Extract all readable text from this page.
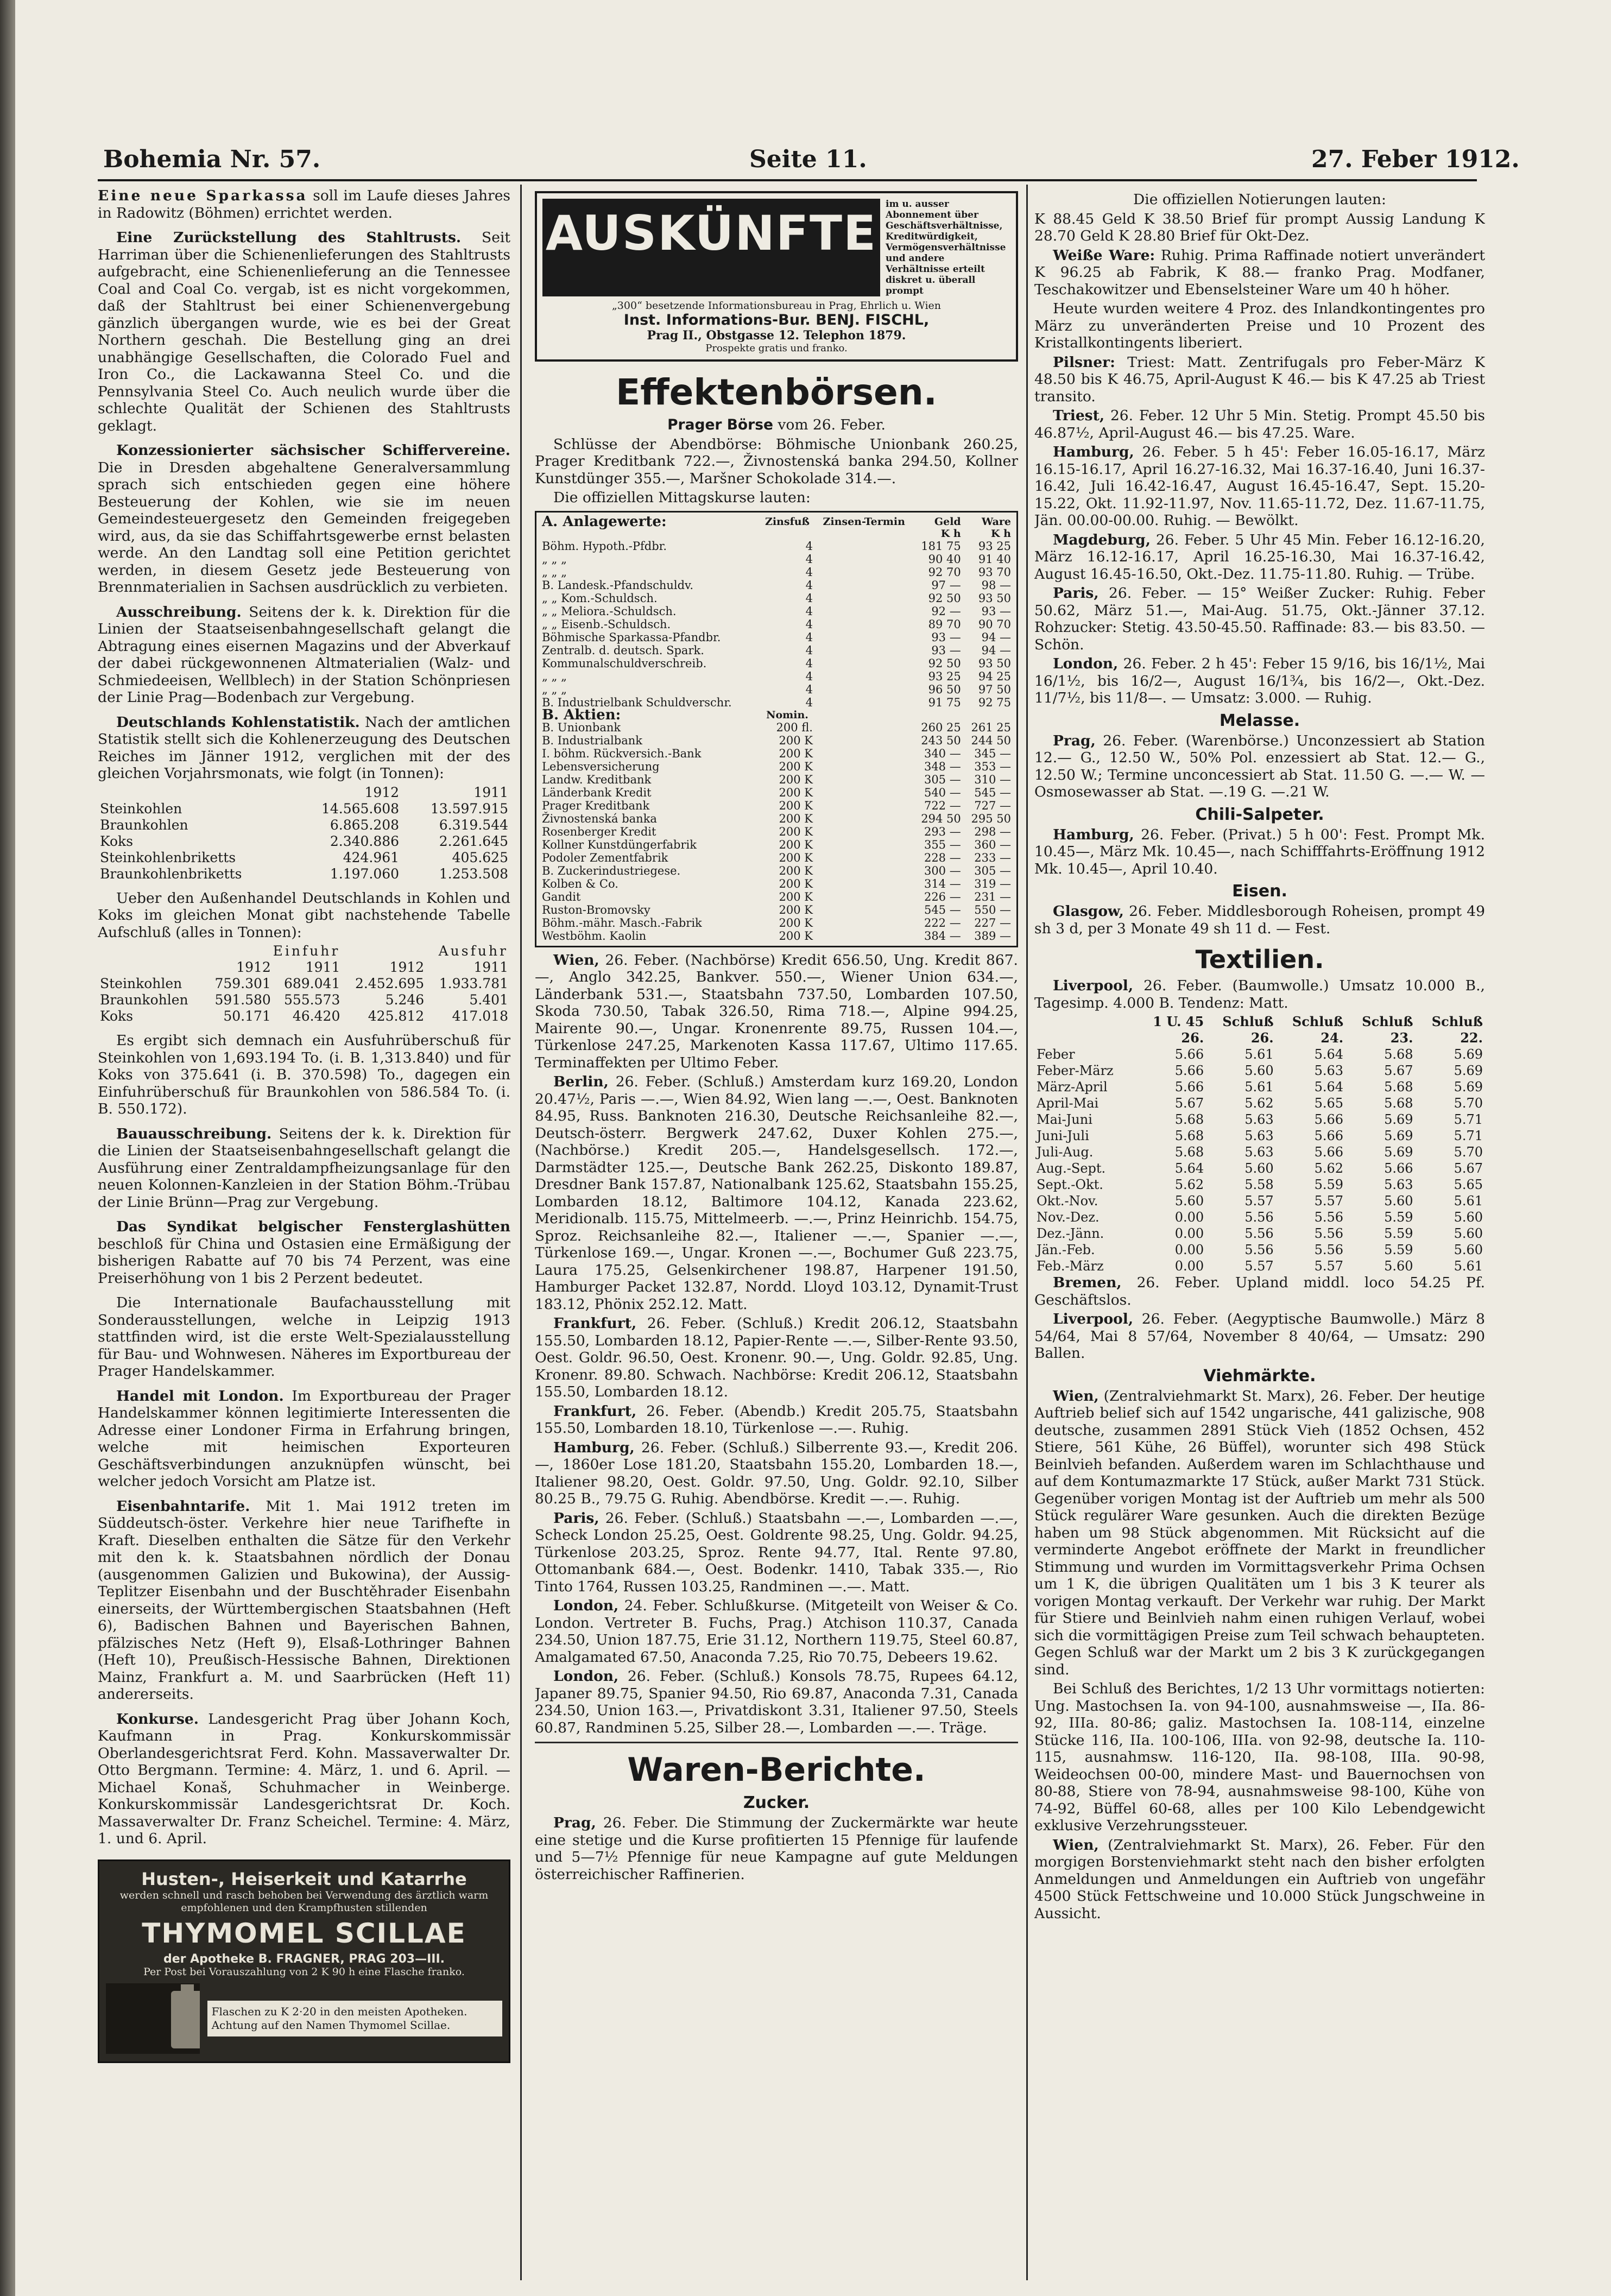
Bohemia Nr. 57.	Seite 11.	27. Feber 1912.

Eine neue Sparkassa soll im Laufe dieses Jahres in Radowitz (Böhmen) errichtet werden.

Eine Zurückstellung des Stahltrusts. Seit Harriman über die Schienenlieferungen des Stahltrusts aufgebracht, eine Schienenlieferung an die Tennessee Coal and Coal Co. vergab, ist es nicht vorgekommen, daß der Stahltrust bei einer Schienenvergebung gänzlich übergangen wurde, wie es bei der Great Northern geschah. Die Bestellung ging an drei unabhängige Gesellschaften, die Colorado Fuel and Iron Co., die Lackawanna Steel Co. und die Pennsylvania Steel Co. Auch neulich wurde über die schlechte Qualität der Schienen des Stahltrusts geklagt.

Konzessionierter sächsischer Schiffervereine. Die in Dresden abgehaltene Generalversammlung sprach sich entschieden gegen eine höhere Besteuerung der Kohlen, wie sie im neuen Gemeindesteuergesetz den Gemeinden freigegeben wird, aus, da sie das Schiffahrtsgewerbe ernst belasten werde. An den Landtag soll eine Petition gerichtet werden, in diesem Gesetz jede Besteuerung von Brennmaterialien in Sachsen ausdrücklich zu verbieten.

Ausschreibung. Seitens der k. k. Direktion für die Linien der Staatseisenbahngesellschaft gelangt die Abtragung eines eisernen Magazins und der Abverkauf der dabei rückgewonnenen Altmaterialien (Walz- und Schmiedeeisen, Wellblech) in der Station Schönpriesen der Linie Prag—Bodenbach zur Vergebung.

Deutschlands Kohlenstatistik. Nach der amtlichen Statistik stellt sich die Kohlenerzeugung des Deutschen Reiches im Jänner 1912, verglichen mit der des gleichen Vorjahrsmonats, wie folgt (in Tonnen):

	1912	1911
Steinkohlen	14.565.608	13.597.915
Braunkohlen	6.865.208	6.319.544
Koks	2.340.886	2.261.645
Steinkohlenbriketts	424.961	405.625
Braunkohlenbriketts	1.197.060	1.253.508

Ueber den Außenhandel Deutschlands in Kohlen und Koks im gleichen Monat gibt nachstehende Tabelle Aufschluß (alles in Tonnen):

	Einfuhr		Ausfuhr	
	1912	1911	1912	1911
Steinkohlen	759.301	689.041	2.452.695	1.933.781
Braunkohlen	591.580	555.573	5.246	5.401
Koks	50.171	46.420	425.812	417.018

Es ergibt sich demnach ein Ausfuhrüberschuß für Steinkohlen von 1,693.194 To. (i. B. 1,313.840) und für Koks von 375.641 (i. B. 370.598) To., dagegen ein Einfuhrüberschuß für Braunkohlen von 586.584 To. (i. B. 550.172).

Bauausschreibung. Seitens der k. k. Direktion für die Linien der Staatseisenbahngesellschaft gelangt die Ausführung einer Zentraldampfheizungsanlage für den neuen Kolonnen-Kanzleien in der Station Böhm.-Trübau der Linie Brünn—Prag zur Vergebung.

Das Syndikat belgischer Fensterglashütten beschloß für China und Ostasien eine Ermäßigung der bisherigen Rabatte auf 70 bis 74 Perzent, was eine Preiserhöhung von 1 bis 2 Perzent bedeutet.

Die Internationale Baufachausstellung mit Sonderausstellungen, welche in Leipzig 1913 stattfinden wird, ist die erste Welt-Spezialausstellung für Bau- und Wohnwesen. Näheres im Exportbureau der Prager Handelskammer.

Handel mit London. Im Exportbureau der Prager Handelskammer können legitimierte Interessenten die Adresse einer Londoner Firma in Erfahrung bringen, welche mit heimischen Exporteuren Geschäftsverbindungen anzuknüpfen wünscht, bei welcher jedoch Vorsicht am Platze ist.

Eisenbahntarife. Mit 1. Mai 1912 treten im Süddeutsch-öster. Verkehre hier neue Tarifhefte in Kraft. Dieselben enthalten die Sätze für den Verkehr mit den k. k. Staatsbahnen nördlich der Donau (ausgenommen Galizien und Bukowina), der Aussig-Teplitzer Eisenbahn und der Buschtěhrader Eisenbahn einerseits, der Württembergischen Staatsbahnen (Heft 6), Badischen Bahnen und Bayerischen Bahnen, pfälzisches Netz (Heft 9), Elsaß-Lothringer Bahnen (Heft 10), Preußisch-Hessische Bahnen, Direktionen Mainz, Frankfurt a. M. und Saarbrücken (Heft 11) andererseits.

Konkurse. Landesgericht Prag über Johann Koch, Kaufmann in Prag. Konkurskommissär Oberlandesgerichtsrat Ferd. Kohn. Massaverwalter Dr. Otto Bergmann. Termine: 4. März, 1. und 6. April. — Michael Konaš, Schuhmacher in Weinberge. Konkurskommissär Landesgerichtsrat Dr. Koch. Massaverwalter Dr. Franz Scheichel. Termine: 4. März, 1. und 6. April.

Husten-, Heiserkeit und Katarrhe
werden schnell und rasch behoben bei Verwendung des ärztlich warm empfohlenen und den Krampfhusten stillenden
THYMOMEL SCILLAE
der Apotheke B. FRAGNER, PRAG 203—III.
Per Post bei Vorauszahlung von 2 K 90 h eine Flasche franko.
Flaschen zu K 2·20 in den meisten Apotheken. Achtung auf den Namen Thymomel Scillae.
AUSKÜNFTE
im u. ausser Abonnement über Geschäftsverhältnisse, Kreditwürdigkeit, Vermögensverhältnisse und andere Verhältnisse erteilt diskret u. überall prompt
„300“ besetzende Informationsbureau in Prag, Ehrlich u. Wien
Inst. Informations-Bur. BENJ. FISCHL,
Prag II., Obstgasse 12. Telephon 1879.
Prospekte gratis und franko.
Effektenbörsen.

Prager Börse vom 26. Feber.

Schlüsse der Abendbörse: Böhmische Unionbank 260.25, Prager Kreditbank 722.—, Živnostenská banka 294.50, Kollner Kunstdünger 355.—, Maršner Schokolade 314.—.

Die offiziellen Mittagskurse lauten:

A. Anlagewerte:	Zinsfuß	Zinsen-Termin	Geld	Ware
			K h	K h
Böhm. Hypoth.-Pfdbr.	4		181 75	93 25
„ „ „	4		90 40	91 40
„ „ „	4		92 70	93 70
B. Landesk.-Pfandschuldv.	4		97 —	98 —
„ „ Kom.-Schuldsch.	4		92 50	93 50
„ „ Meliora.-Schuldsch.	4		92 —	93 —
„ „ Eisenb.-Schuldsch.	4		89 70	90 70
Böhmische Sparkassa-Pfandbr.	4		93 —	94 —
Zentralb. d. deutsch. Spark.	4		93 —	94 —
Kommunalschuldverschreib.	4		92 50	93 50
„ „ „	4		93 25	94 25
„ „ „	4		96 50	97 50
B. Industrielbank Schuldverschr.	4		91 75	92 75
B. Aktien:	Nomin.			
B. Unionbank	200 fl.		260 25	261 25
B. Industrialbank	200 K		243 50	244 50
I. böhm. Rückversich.-Bank	200 K		340 —	345 —
Lebensversicherung	200 K		348 —	353 —
Landw. Kreditbank	200 K		305 —	310 —
Länderbank Kredit	200 K		540 —	545 —
Prager Kreditbank	200 K		722 —	727 —
Živnostenská banka	200 K		294 50	295 50
Rosenberger Kredit	200 K		293 —	298 —
Kollner Kunstdüngerfabrik	200 K		355 —	360 —
Podoler Zementfabrik	200 K		228 —	233 —
B. Zuckerindustriegese.	200 K		300 —	305 —
Kolben & Co.	200 K		314 —	319 —
Gandit	200 K		226 —	231 —
Ruston-Bromovsky	200 K		545 —	550 —
Böhm.-mähr. Masch.-Fabrik	200 K		222 —	227 —
Westböhm. Kaolin	200 K		384 —	389 —

Wien, 26. Feber. (Nachbörse) Kredit 656.50, Ung. Kredit 867.—, Anglo 342.25, Bankver. 550.—, Wiener Union 634.—, Länderbank 531.—, Staatsbahn 737.50, Lombarden 107.50, Skoda 730.50, Tabak 326.50, Rima 718.—, Alpine 994.25, Mairente 90.—, Ungar. Kronenrente 89.75, Russen 104.—, Türkenlose 247.25, Markenoten Kassa 117.67, Ultimo 117.65. Terminaffekten per Ultimo Feber.

Berlin, 26. Feber. (Schluß.) Amsterdam kurz 169.20, London 20.47½, Paris —.—, Wien 84.92, Wien lang —.—, Oest. Banknoten 84.95, Russ. Banknoten 216.30, Deutsche Reichsanleihe 82.—, Deutsch-österr. Bergwerk 247.62, Duxer Kohlen 275.—, (Nachbörse.) Kredit 205.—, Handelsgesellsch. 172.—, Darmstädter 125.—, Deutsche Bank 262.25, Diskonto 189.87, Dresdner Bank 157.87, Nationalbank 125.62, Staatsbahn 155.25, Lombarden 18.12, Baltimore 104.12, Kanada 223.62, Meridionalb. 115.75, Mittelmeerb. —.—, Prinz Heinrichb. 154.75, Sproz. Reichsanleihe 82.—, Italiener —.—, Spanier —.—, Türkenlose 169.—, Ungar. Kronen —.—, Bochumer Guß 223.75, Laura 175.25, Gelsenkirchener 198.87, Harpener 191.50, Hamburger Packet 132.87, Nordd. Lloyd 103.12, Dynamit-Trust 183.12, Phönix 252.12. Matt.

Frankfurt, 26. Feber. (Schluß.) Kredit 206.12, Staatsbahn 155.50, Lombarden 18.12, Papier-Rente —.—, Silber-Rente 93.50, Oest. Goldr. 96.50, Oest. Kronenr. 90.—, Ung. Goldr. 92.85, Ung. Kronenr. 89.80. Schwach. Nachbörse: Kredit 206.12, Staatsbahn 155.50, Lombarden 18.12.

Frankfurt, 26. Feber. (Abendb.) Kredit 205.75, Staatsbahn 155.50, Lombarden 18.10, Türkenlose —.—. Ruhig.

Hamburg, 26. Feber. (Schluß.) Silberrente 93.—, Kredit 206.—, 1860er Lose 181.20, Staatsbahn 155.20, Lombarden 18.—, Italiener 98.20, Oest. Goldr. 97.50, Ung. Goldr. 92.10, Silber 80.25 B., 79.75 G. Ruhig. Abendbörse. Kredit —.—. Ruhig.

Paris, 26. Feber. (Schluß.) Staatsbahn —.—, Lombarden —.—, Scheck London 25.25, Oest. Goldrente 98.25, Ung. Goldr. 94.25, Türkenlose 203.25, Sproz. Rente 94.77, Ital. Rente 97.80, Ottomanbank 684.—, Oest. Bodenkr. 1410, Tabak 335.—, Rio Tinto 1764, Russen 103.25, Randminen —.—. Matt.

London, 24. Feber. Schlußkurse. (Mitgeteilt von Weiser & Co. London. Vertreter B. Fuchs, Prag.) Atchison 110.37, Canada 234.50, Union 187.75, Erie 31.12, Northern 119.75, Steel 60.87, Amalgamated 67.50, Anaconda 7.25, Rio 70.75, Debeers 19.62.

London, 26. Feber. (Schluß.) Konsols 78.75, Rupees 64.12, Japaner 89.75, Spanier 94.50, Rio 69.87, Anaconda 7.31, Canada 234.50, Union 163.—, Privatdiskont 3.31, Italiener 97.50, Steels 60.87, Randminen 5.25, Silber 28.—, Lombarden —.—. Träge.

Waren-Berichte.
Zucker.

Prag, 26. Feber. Die Stimmung der Zuckermärkte war heute eine stetige und die Kurse profitierten 15 Pfennige für laufende und 5—7½ Pfennige für neue Kampagne auf gute Meldungen österreichischer Raffinerien.

Die offiziellen Notierungen lauten:

K 88.45 Geld K 38.50 Brief für prompt Aussig Landung K 28.70 Geld K 28.80 Brief für Okt-Dez.

Weiße Ware: Ruhig. Prima Raffinade notiert unverändert K 96.25 ab Fabrik, K 88.— franko Prag. Modfaner, Teschakowitzer und Ebenselsteiner Ware um 40 h höher.

Heute wurden weitere 4 Proz. des Inlandkontingentes pro März zu unveränderten Preise und 10 Prozent des Kristallkontingents liberiert.

Pilsner: Triest: Matt. Zentrifugals pro Feber-März K 48.50 bis K 46.75, April-August K 46.— bis K 47.25 ab Triest transito.

Triest, 26. Feber. 12 Uhr 5 Min. Stetig. Prompt 45.50 bis 46.87½, April-August 46.— bis 47.25. Ware.

Hamburg, 26. Feber. 5 h 45': Feber 16.05-16.17, März 16.15-16.17, April 16.27-16.32, Mai 16.37-16.40, Juni 16.37-16.42, Juli 16.42-16.47, August 16.45-16.47, Sept. 15.20-15.22, Okt. 11.92-11.97, Nov. 11.65-11.72, Dez. 11.67-11.75, Jän. 00.00-00.00. Ruhig. — Bewölkt.

Magdeburg, 26. Feber. 5 Uhr 45 Min. Feber 16.12-16.20, März 16.12-16.17, April 16.25-16.30, Mai 16.37-16.42, August 16.45-16.50, Okt.-Dez. 11.75-11.80. Ruhig. — Trübe.

Paris, 26. Feber. — 15° Weißer Zucker: Ruhig. Feber 50.62, März 51.—, Mai-Aug. 51.75, Okt.-Jänner 37.12. Rohzucker: Stetig. 43.50-45.50. Raffinade: 83.— bis 83.50. — Schön.

London, 26. Feber. 2 h 45': Feber 15 9/16, bis 16/1½, Mai 16/1½, bis 16/2—, August 16/1¾, bis 16/2—, Okt.-Dez. 11/7½, bis 11/8—. — Umsatz: 3.000. — Ruhig.

Melasse.

Prag, 26. Feber. (Warenbörse.) Unconzessiert ab Station 12.— G., 12.50 W., 50% Pol. enzessiert ab Stat. 12.— G., 12.50 W.; Termine unconcessiert ab Stat. 11.50 G. —.— W. — Osmosewasser ab Stat. —.19 G. —.21 W.

Chili-Salpeter.

Hamburg, 26. Feber. (Privat.) 5 h 00': Fest. Prompt Mk. 10.45—, März Mk. 10.45—, nach Schifffahrts-Eröffnung 1912 Mk. 10.45—, April 10.40.

Eisen.

Glasgow, 26. Feber. Middlesborough Roheisen, prompt 49 sh 3 d, per 3 Monate 49 sh 11 d. — Fest.

Textilien.

Liverpool, 26. Feber. (Baumwolle.) Umsatz 10.000 B., Tagesimp. 4.000 B. Tendenz: Matt.

	1 U. 45	Schluß	Schluß	Schluß	Schluß
	26.	26.	24.	23.	22.
Feber	5.66	5.61	5.64	5.68	5.69
Feber-März	5.66	5.60	5.63	5.67	5.69
März-April	5.66	5.61	5.64	5.68	5.69
April-Mai	5.67	5.62	5.65	5.68	5.70
Mai-Juni	5.68	5.63	5.66	5.69	5.71
Juni-Juli	5.68	5.63	5.66	5.69	5.71
Juli-Aug.	5.68	5.63	5.66	5.69	5.70
Aug.-Sept.	5.64	5.60	5.62	5.66	5.67
Sept.-Okt.	5.62	5.58	5.59	5.63	5.65
Okt.-Nov.	5.60	5.57	5.57	5.60	5.61
Nov.-Dez.	0.00	5.56	5.56	5.59	5.60
Dez.-Jänn.	0.00	5.56	5.56	5.59	5.60
Jän.-Feb.	0.00	5.56	5.56	5.59	5.60
Feb.-März	0.00	5.57	5.57	5.60	5.61

Bremen, 26. Feber. Upland middl. loco 54.25 Pf. Geschäftslos.

Liverpool, 26. Feber. (Aegyptische Baumwolle.) März 8 54/64, Mai 8 57/64, November 8 40/64, — Umsatz: 290 Ballen.

Viehmärkte.

Wien, (Zentralviehmarkt St. Marx), 26. Feber. Der heutige Auftrieb belief sich auf 1542 ungarische, 441 galizische, 908 deutsche, zusammen 2891 Stück Vieh (1852 Ochsen, 452 Stiere, 561 Kühe, 26 Büffel), worunter sich 498 Stück Beinlvieh befanden. Außerdem waren im Schlachthause und auf dem Kontumazmarkte 17 Stück, außer Markt 731 Stück. Gegenüber vorigen Montag ist der Auftrieb um mehr als 500 Stück regulärer Ware gesunken. Auch die direkten Bezüge haben um 98 Stück abgenommen. Mit Rücksicht auf die verminderte Angebot eröffnete der Markt in freundlicher Stimmung und wurden im Vormittagsverkehr Prima Ochsen um 1 K, die übrigen Qualitäten um 1 bis 3 K teurer als vorigen Montag verkauft. Der Verkehr war ruhig. Der Markt für Stiere und Beinlvieh nahm einen ruhigen Verlauf, wobei sich die vormittägigen Preise zum Teil schwach behaupteten. Gegen Schluß war der Markt um 2 bis 3 K zurückgegangen sind.

Bei Schluß des Berichtes, 1/2 13 Uhr vormittags notierten: Ung. Mastochsen Ia. von 94-100, ausnahmsweise —, IIa. 86-92, IIIa. 80-86; galiz. Mastochsen Ia. 108-114, einzelne Stücke 116, IIa. 100-106, IIIa. von 92-98, deutsche Ia. 110-115, ausnahmsw. 116-120, IIa. 98-108, IIIa. 90-98, Weideochsen 00-00, mindere Mast- und Bauernochsen von 80-88, Stiere von 78-94, ausnahmsweise 98-100, Kühe von 74-92, Büffel 60-68, alles per 100 Kilo Lebendgewicht exklusive Verzehrungssteuer.

Wien, (Zentralviehmarkt St. Marx), 26. Feber. Für den morgigen Borstenviehmarkt steht nach den bisher erfolgten Anmeldungen und Anmeldungen ein Auftrieb von ungefähr 4500 Stück Fettschweine und 10.000 Stück Jungschweine in Aussicht.
